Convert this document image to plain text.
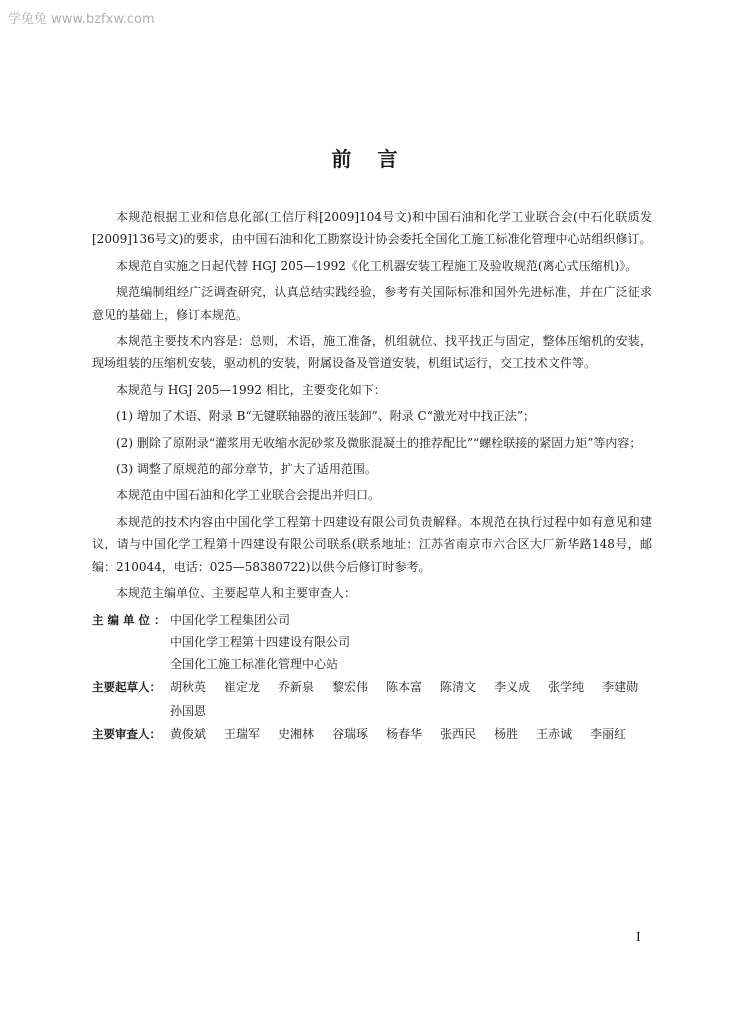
学兔兔 www.bzfxw.com
前言

本规范根据工业和信息化部(工信厅科[2009]104号文)和中国石油和化学工业联合会(中石化联质发[2009]136号文)的要求，由中国石油和化工勘察设计协会委托全国化工施工标准化管理中心站组织修订。

本规范自实施之日起代替 HGJ 205—1992《化工机器安装工程施工及验收规范(离心式压缩机)》。

规范编制组经广泛调查研究，认真总结实践经验，参考有关国际标准和国外先进标准，并在广泛征求意见的基础上，修订本规范。

本规范主要技术内容是：总则，术语，施工准备，机组就位、找平找正与固定，整体压缩机的安装，现场组装的压缩机安装，驱动机的安装，附属设备及管道安装，机组试运行，交工技术文件等。

本规范与 HGJ 205—1992 相比，主要变化如下：

(1) 增加了术语、附录 B“无键联轴器的液压装卸”、附录 C“激光对中找正法”；

(2) 删除了原附录“灌浆用无收缩水泥砂浆及微胀混凝土的推荐配比”“螺栓联接的紧固力矩”等内容；

(3) 调整了原规范的部分章节，扩大了适用范围。

本规范由中国石油和化学工业联合会提出并归口。

本规范的技术内容由中国化学工程第十四建设有限公司负责解释。本规范在执行过程中如有意见和建议，请与中国化学工程第十四建设有限公司联系(联系地址：江苏省南京市六合区大厂新华路148号，邮编：210044，电话：025—58380722)以供今后修订时参考。

本规范主编单位、主要起草人和主要审查人：

主编单位： 中国化学工程集团公司

中国化学工程第十四建设有限公司

全国化工施工标准化管理中心站

主要起草人： 胡秋英 崔定龙 乔新泉 黎宏伟 陈本富 陈清文 李义成 张学纯 李建勋
孙国恩
主要审查人： 黄俊斌 王瑞军 史湘林 谷瑞琢 杨春华 张西民 杨胜 王赤诚 李丽红
I
